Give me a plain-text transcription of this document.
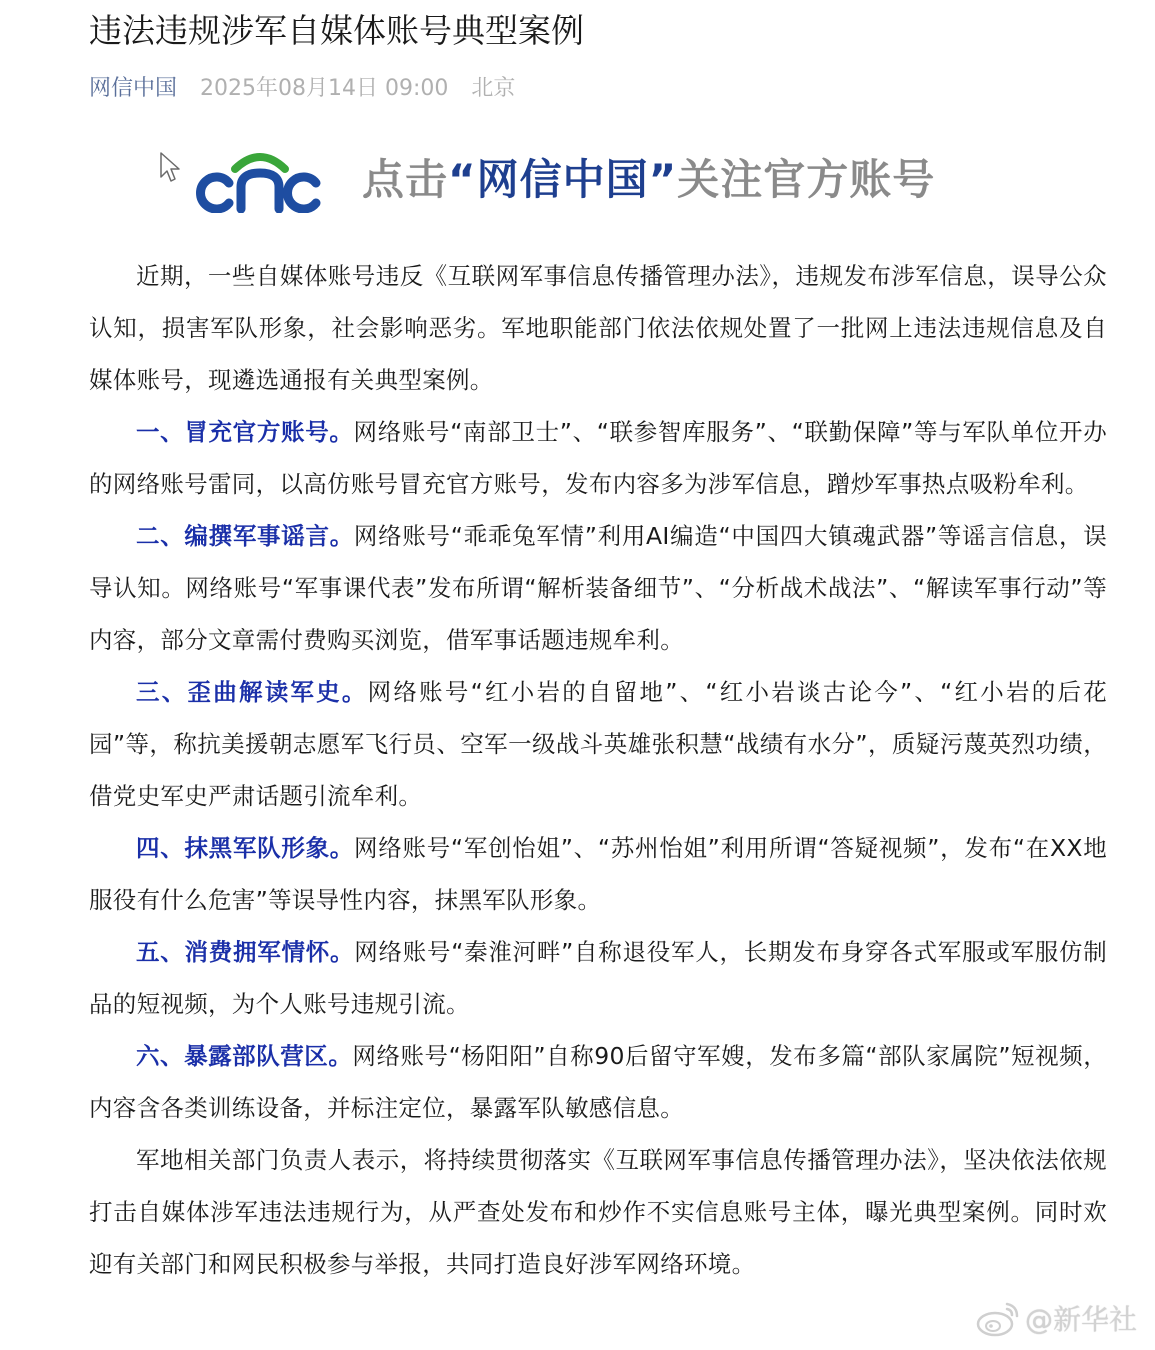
违法违规涉军自媒体账号典型案例
网信中国 2025年08月14日 09:00 北京
点击“网信中国”关注官方账号

近期，一些自媒体账号违反《互联网军事信息传播管理办法》，违规发布涉军信息，误导公众认知，损害军队形象，社会影响恶劣。军地职能部门依法依规处置了一批网上违法违规信息及自媒体账号，现遴选通报有关典型案例。

一、冒充官方账号。网络账号“南部卫士”、“联参智库服务”、“联勤保障”等与军队单位开办的网络账号雷同，以高仿账号冒充官方账号，发布内容多为涉军信息，蹭炒军事热点吸粉牟利。

二、编撰军事谣言。网络账号“乖乖兔军情”利用AI编造“中国四大镇魂武器”等谣言信息，误导认知。网络账号“军事课代表”发布所谓“解析装备细节”、“分析战术战法”、“解读军事行动”等内容，部分文章需付费购买浏览，借军事话题违规牟利。

三、歪曲解读军史。网络账号“红小岩的自留地”、“红小岩谈古论今”、“红小岩的后花园”等，称抗美援朝志愿军飞行员、空军一级战斗英雄张积慧“战绩有水分”，质疑污蔑英烈功绩，借党史军史严肃话题引流牟利。

四、抹黑军队形象。网络账号“军创怡姐”、“苏州怡姐”利用所谓“答疑视频”，发布“在XX地服役有什么危害”等误导性内容，抹黑军队形象。

五、消费拥军情怀。网络账号“秦淮河畔”自称退役军人，长期发布身穿各式军服或军服仿制品的短视频，为个人账号违规引流。

六、暴露部队营区。网络账号“杨阳阳”自称90后留守军嫂，发布多篇“部队家属院”短视频，内容含各类训练设备，并标注定位，暴露军队敏感信息。

军地相关部门负责人表示，将持续贯彻落实《互联网军事信息传播管理办法》，坚决依法依规打击自媒体涉军违法违规行为，从严查处发布和炒作不实信息账号主体，曝光典型案例。同时欢迎有关部门和网民积极参与举报，共同打造良好涉军网络环境。

@新华社
